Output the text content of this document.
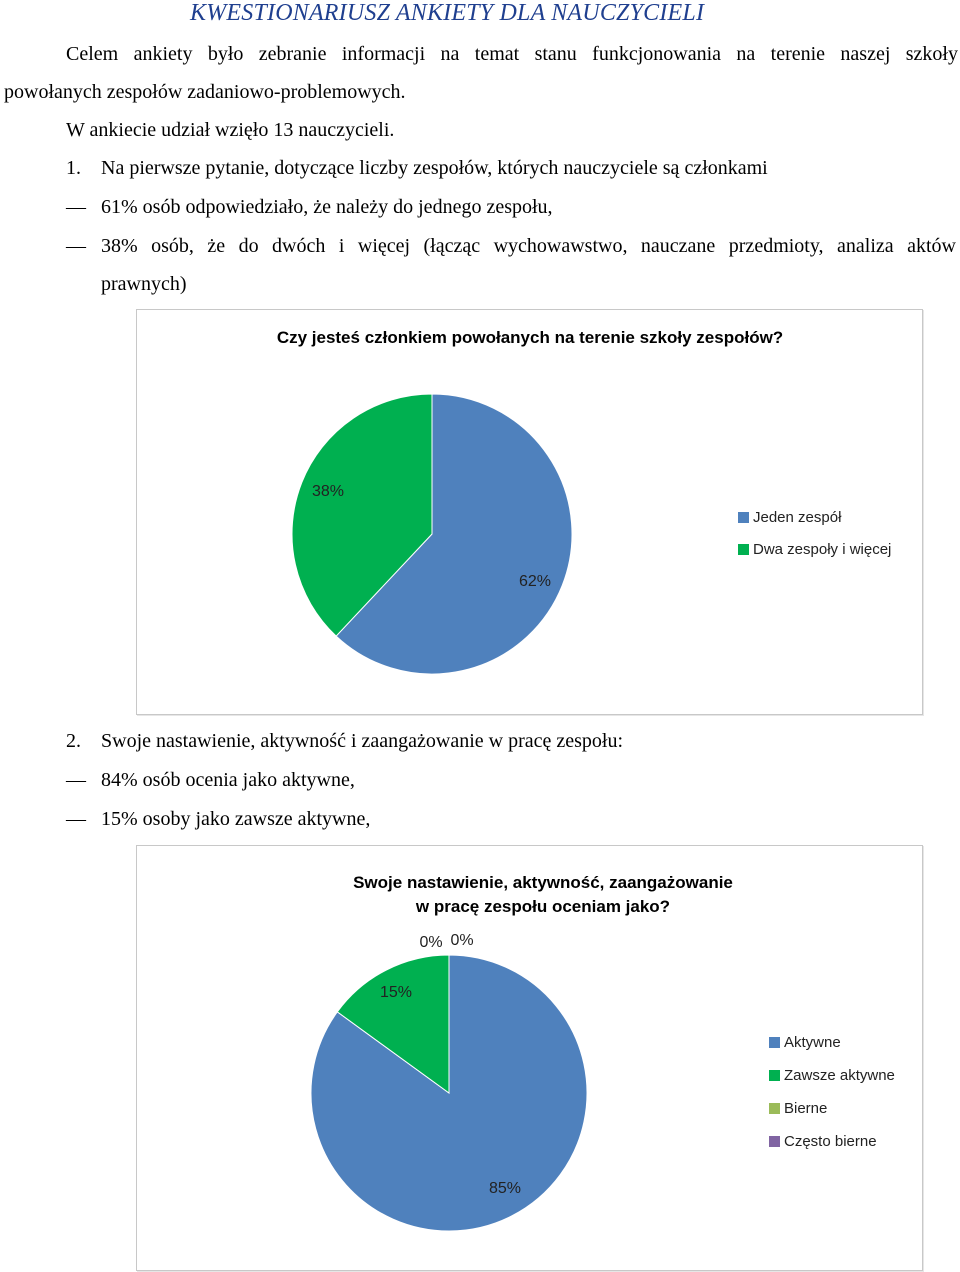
KWESTIONARIUSZ ANKIETY DLA NAUCZYCIELI
Celem ankiety było zebranie informacji na temat stanu funkcjonowania na terenie naszej szkoły
powołanych zespołów zadaniowo-problemowych.
W ankiecie udział wzięło 13 nauczycieli.
1. Na pierwsze pytanie, dotyczące liczby zespołów, których nauczyciele są członkami
— 61% osób odpowiedziało, że należy do jednego zespołu,
— 38% osób, że do dwóch i więcej (łącząc wychowawstwo, nauczane przedmioty, analiza aktów
prawnych)
Czy jesteś członkiem powołanych na terenie szkoły zespołów?
38%
62%
Jeden zespół
Dwa zespoły i więcej
2. Swoje nastawienie, aktywność i zaangażowanie w pracę zespołu:
— 84% osób ocenia jako aktywne,
— 15% osoby jako zawsze aktywne,
Swoje nastawienie, aktywność, zaangażowanie
w pracę zespołu oceniam jako?
0% 0%
15%
85%
Aktywne
Zawsze aktywne
Bierne
Często bierne
